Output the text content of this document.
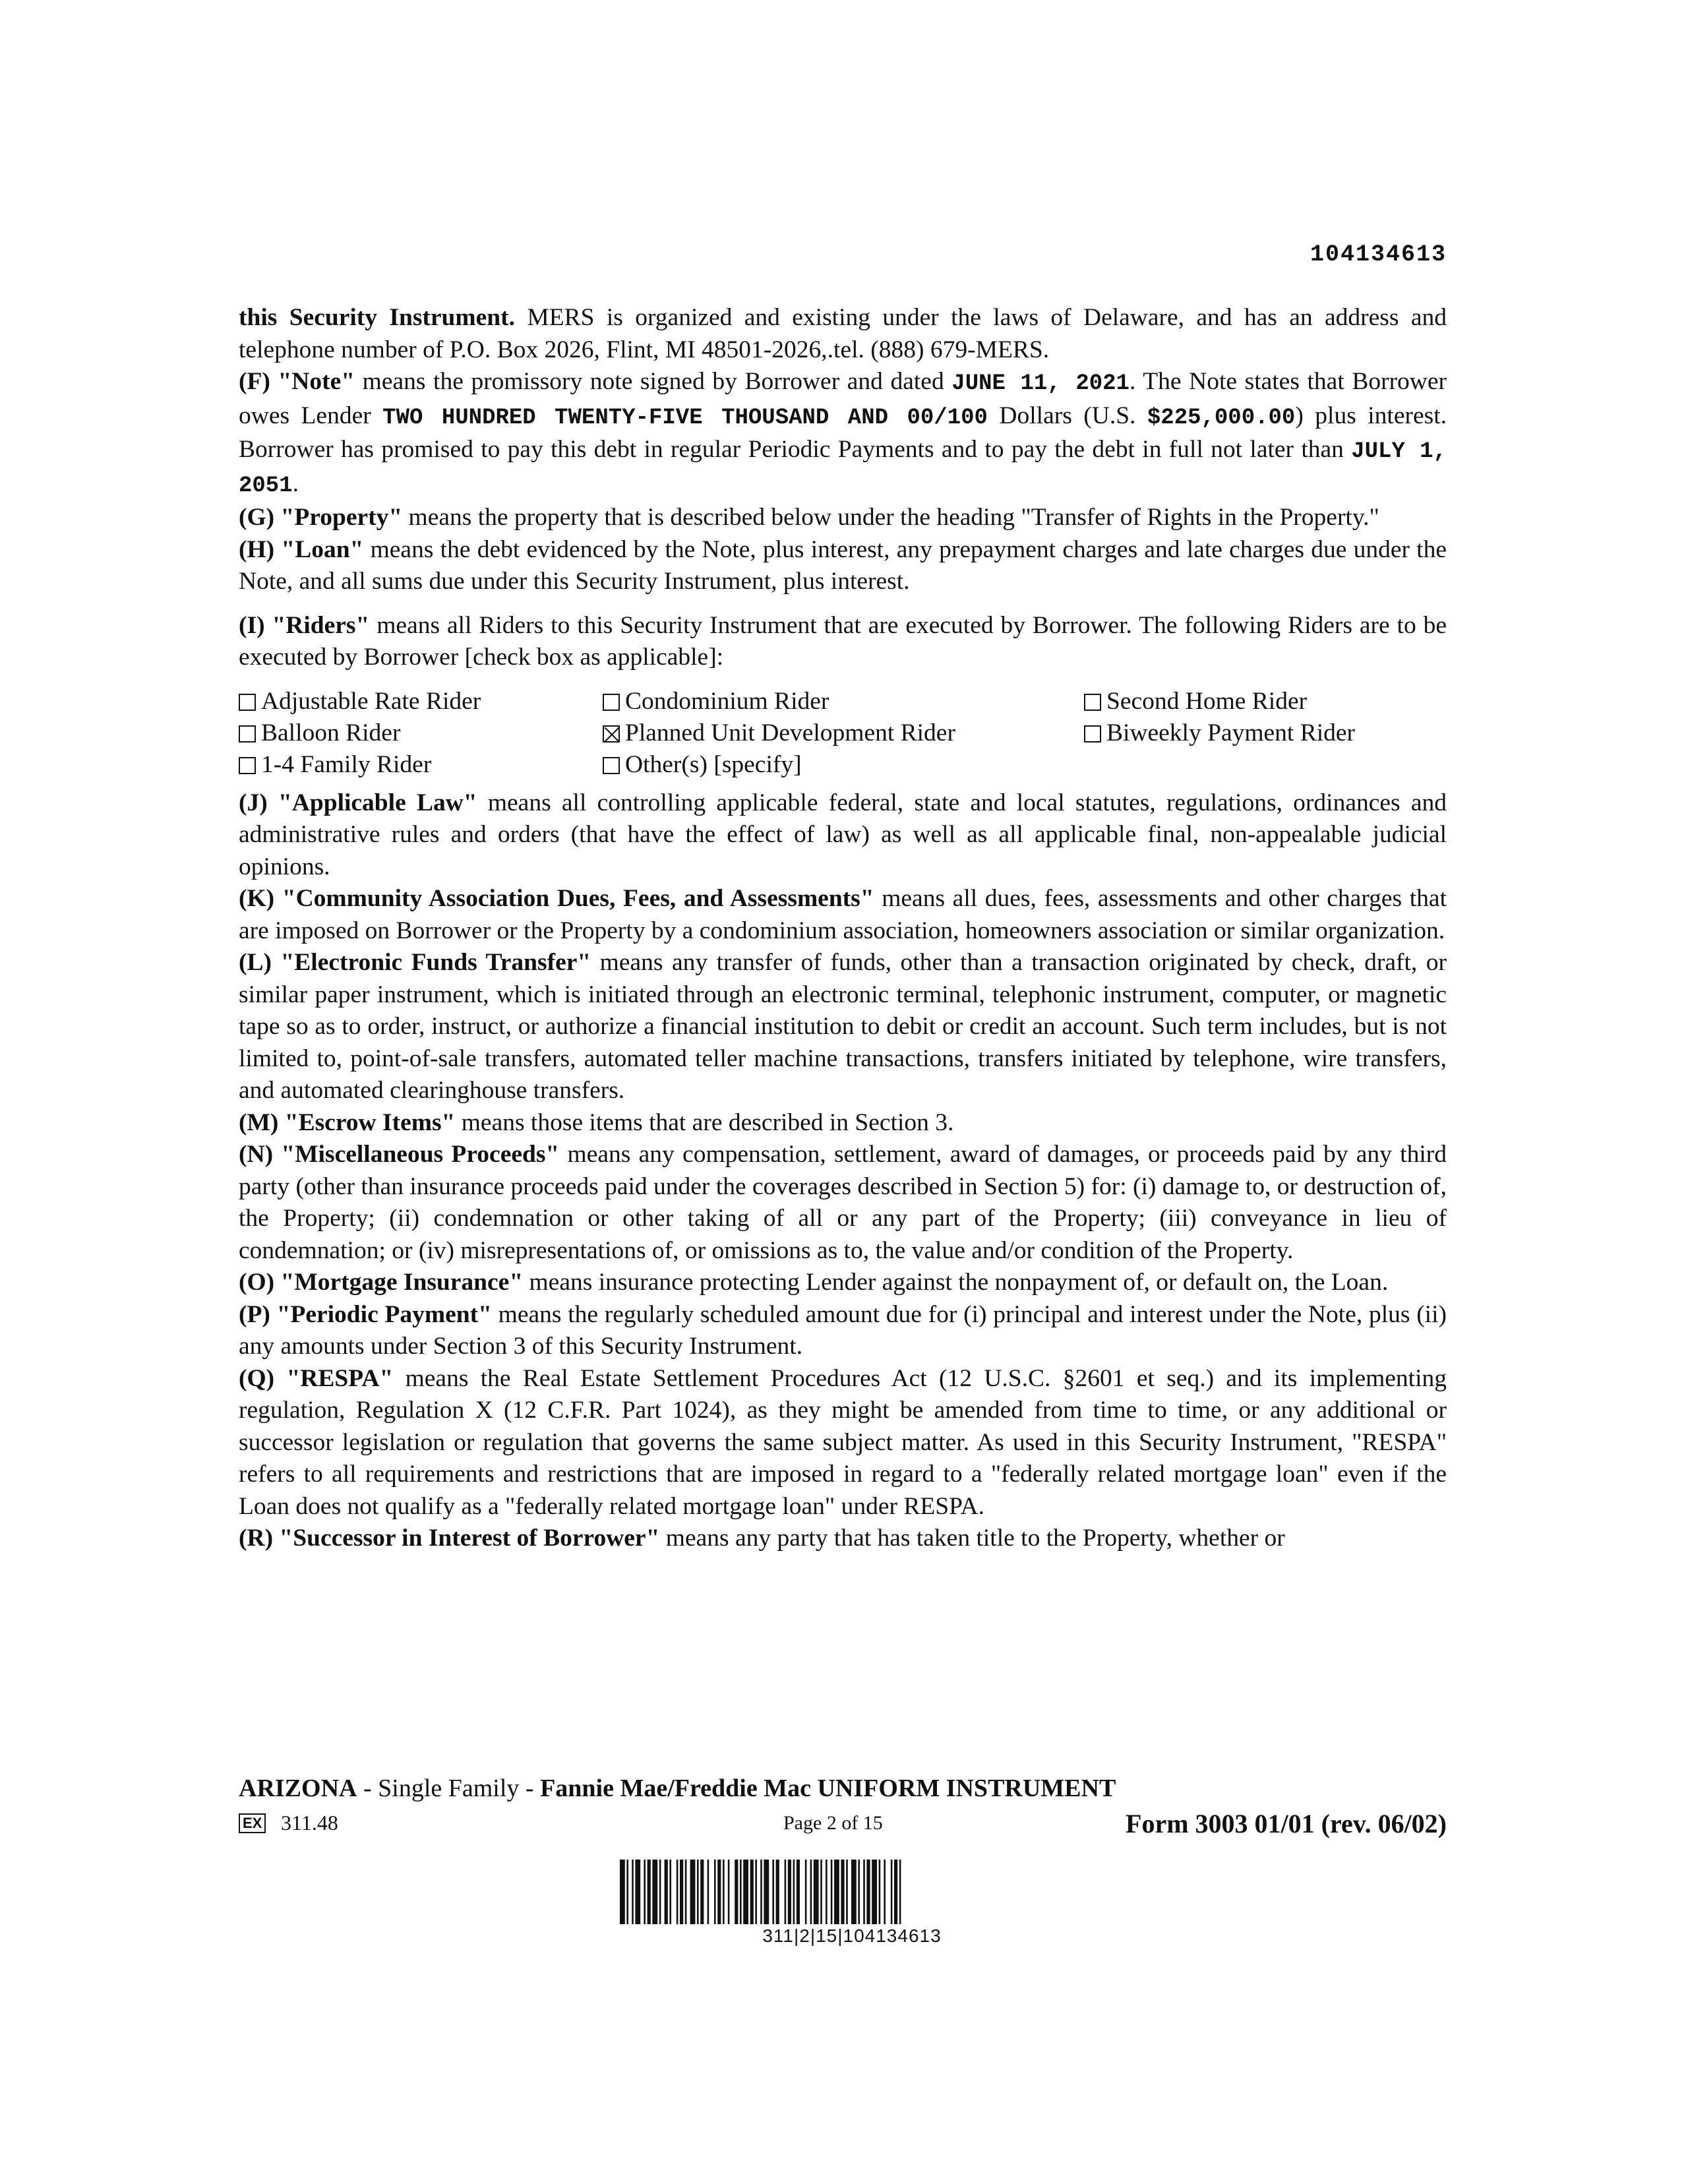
104134613

this Security Instrument. MERS is organized and existing under the laws of Delaware, and has an address and telephone number of P.O. Box 2026, Flint, MI 48501-2026,.tel. (888) 679-MERS.

(F) "Note" means the promissory note signed by Borrower and dated JUNE 11, 2021. The Note states that Borrower owes Lender TWO HUNDRED TWENTY-FIVE THOUSAND AND 00/100 Dollars (U.S. $225,000.00) plus interest. Borrower has promised to pay this debt in regular Periodic Payments and to pay the debt in full not later than JULY 1, 2051.

(G) "Property" means the property that is described below under the heading "Transfer of Rights in the Property."

(H) "Loan" means the debt evidenced by the Note, plus interest, any prepayment charges and late charges due under the Note, and all sums due under this Security Instrument, plus interest.

(I) "Riders" means all Riders to this Security Instrument that are executed by Borrower. The following Riders are to be executed by Borrower [check box as applicable]:

Adjustable Rate Rider	Condominium Rider	Second Home Rider
Balloon Rider	Planned Unit Development Rider	Biweekly Payment Rider
1-4 Family Rider	Other(s) [specify]

(J) "Applicable Law" means all controlling applicable federal, state and local statutes, regulations, ordinances and administrative rules and orders (that have the effect of law) as well as all applicable final, non-appealable judicial opinions.

(K) "Community Association Dues, Fees, and Assessments" means all dues, fees, assessments and other charges that are imposed on Borrower or the Property by a condominium association, homeowners association or similar organization.

(L) "Electronic Funds Transfer" means any transfer of funds, other than a transaction originated by check, draft, or similar paper instrument, which is initiated through an electronic terminal, telephonic instrument, computer, or magnetic tape so as to order, instruct, or authorize a financial institution to debit or credit an account. Such term includes, but is not limited to, point-of-sale transfers, automated teller machine transactions, transfers initiated by telephone, wire transfers, and automated clearinghouse transfers.

(M) "Escrow Items" means those items that are described in Section 3.

(N) "Miscellaneous Proceeds" means any compensation, settlement, award of damages, or proceeds paid by any third party (other than insurance proceeds paid under the coverages described in Section 5) for: (i) damage to, or destruction of, the Property; (ii) condemnation or other taking of all or any part of the Property; (iii) conveyance in lieu of condemnation; or (iv) misrepresentations of, or omissions as to, the value and/or condition of the Property.

(O) "Mortgage Insurance" means insurance protecting Lender against the nonpayment of, or default on, the Loan.

(P) "Periodic Payment" means the regularly scheduled amount due for (i) principal and interest under the Note, plus (ii) any amounts under Section 3 of this Security Instrument.

(Q) "RESPA" means the Real Estate Settlement Procedures Act (12 U.S.C. §2601 et seq.) and its implementing regulation, Regulation X (12 C.F.R. Part 1024), as they might be amended from time to time, or any additional or successor legislation or regulation that governs the same subject matter. As used in this Security Instrument, "RESPA" refers to all requirements and restrictions that are imposed in regard to a "federally related mortgage loan" even if the Loan does not qualify as a "federally related mortgage loan" under RESPA.

(R) "Successor in Interest of Borrower" means any party that has taken title to the Property, whether or

ARIZONA - Single Family - Fannie Mae/Freddie Mac UNIFORM INSTRUMENT
EX 311.48	Page 2 of 15	Form 3003 01/01 (rev. 06/02)
311|2|15|104134613
